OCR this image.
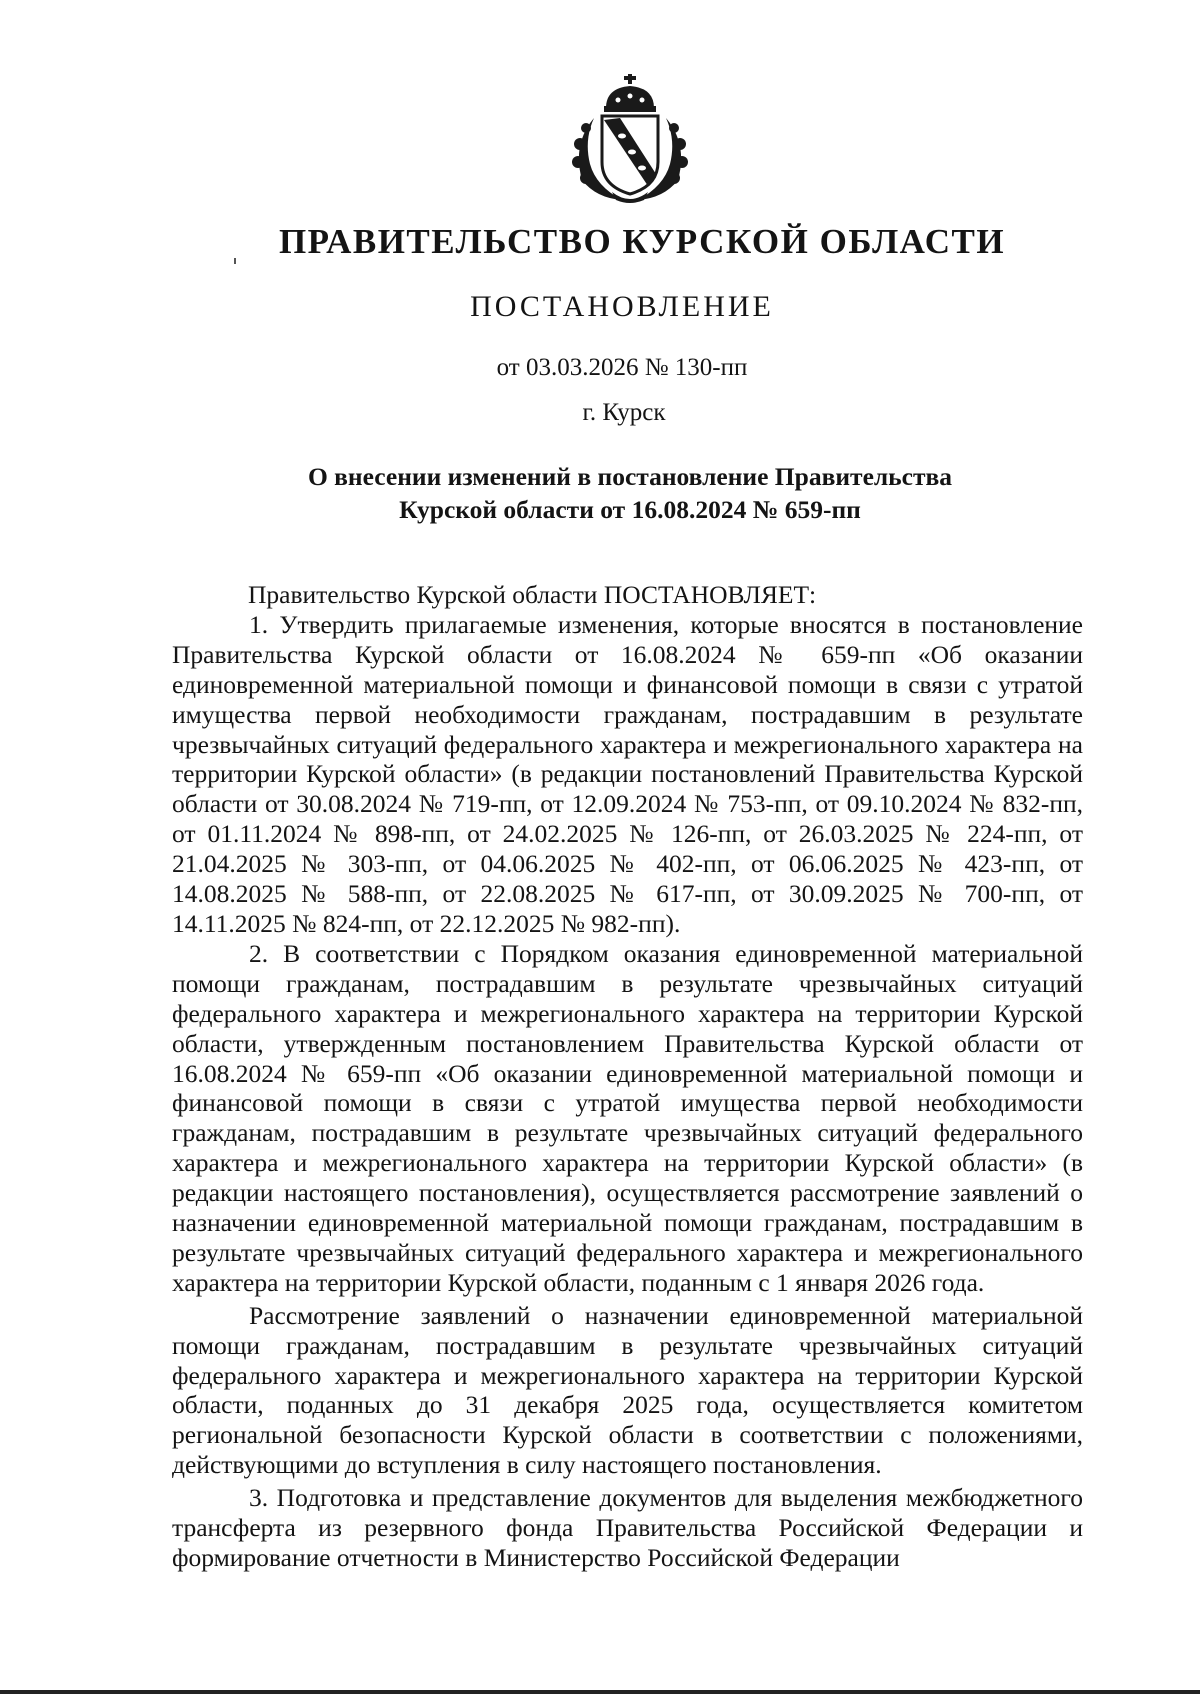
ПРАВИТЕЛЬСТВО КУРСКОЙ ОБЛАСТИ
ПОСТАНОВЛЕНИЕ
от 03.03.2026 № 130-пп
г. Курск
О внесении изменений в постановление Правительства
Курской области от 16.08.2024 № 659-пп

Правительство Курской области ПОСТАНОВЛЯЕТ:

1. Утвердить прилагаемые изменения, которые вносятся в постановление Правительства Курской области от 16.08.2024 № 659-пп «Об оказании единовременной материальной помощи и финансовой помощи в связи с утратой имущества первой необходимости гражданам, пострадавшим в результате чрезвычайных ситуаций федерального характера и межрегионального характера на территории Курской области» (в редакции постановлений Правительства Курской области от 30.08.2024 № 719-пп, от 12.09.2024 № 753-пп, от 09.10.2024 № 832-пп, от 01.11.2024 № 898-пп, от 24.02.2025 № 126-пп, от 26.03.2025 № 224-пп, от 21.04.2025 № 303-пп, от 04.06.2025 № 402-пп, от 06.06.2025 № 423-пп, от 14.08.2025 № 588-пп, от 22.08.2025 № 617-пп, от 30.09.2025 № 700-пп, от 14.11.2025 № 824-пп, от 22.12.2025 № 982-пп).

2. В соответствии с Порядком оказания единовременной материальной помощи гражданам, пострадавшим в результате чрезвычайных ситуаций федерального характера и межрегионального характера на территории Курской области, утвержденным постановлением Правительства Курской области от 16.08.2024 № 659-пп «Об оказании единовременной материальной помощи и финансовой помощи в связи с утратой имущества первой необходимости гражданам, пострадавшим в результате чрезвычайных ситуаций федерального характера и межрегионального характера на территории Курской области» (в редакции настоящего постановления), осуществляется рассмотрение заявлений о назначении единовременной материальной помощи гражданам, пострадавшим в результате чрезвычайных ситуаций федерального характера и межрегионального характера на территории Курской области, поданным с 1 января 2026 года.

Рассмотрение заявлений о назначении единовременной материальной помощи гражданам, пострадавшим в результате чрезвычайных ситуаций федерального характера и межрегионального характера на территории Курской области, поданных до 31 декабря 2025 года, осуществляется комитетом региональной безопасности Курской области в соответствии с положениями, действующими до вступления в силу настоящего постановления.

3. Подготовка и представление документов для выделения межбюджетного трансферта из резервного фонда Правительства Российской Федерации и формирование отчетности в Министерство Российской Федерации
